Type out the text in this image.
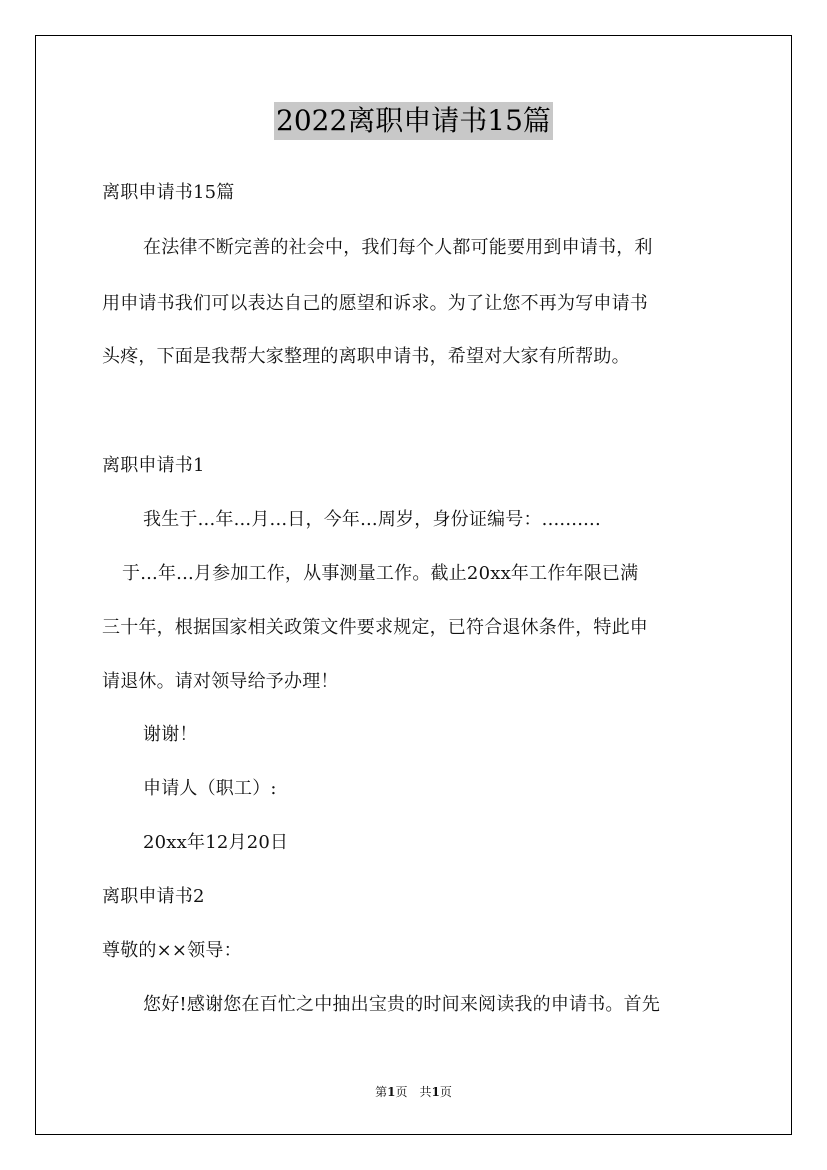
2022离职申请书15篇
离职申请书15篇
在法律不断完善的社会中，我们每个人都可能要用到申请书，利
用申请书我们可以表达自己的愿望和诉求。为了让您不再为写申请书
头疼，下面是我帮大家整理的离职申请书，希望对大家有所帮助。
离职申请书1
我生于...年...月...日，今年...周岁，身份证编号：..........
于...年...月参加工作，从事测量工作。截止20xx年工作年限已满
三十年，根据国家相关政策文件要求规定，已符合退休条件，特此申
请退休。请对领导给予办理！
谢谢！
申请人（职工）:
20xx年12月20日
离职申请书2
尊敬的××领导：
您好!感谢您在百忙之中抽出宝贵的时间来阅读我的申请书。首先
第1页　共1页
